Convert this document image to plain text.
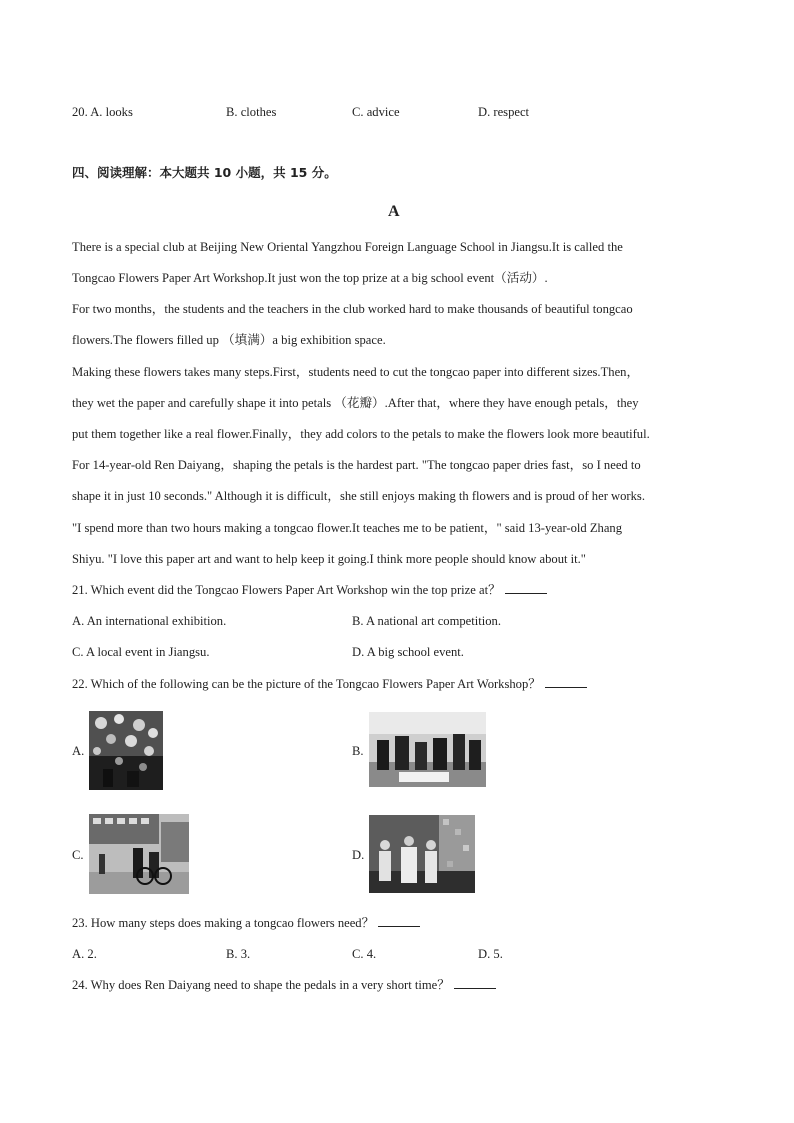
20. A. looks	B. clothes	C. advice	D. respect
四、阅读理解：本大题共 10 小题，共 15 分。
A
There is a special club at Beijing New Oriental Yangzhou Foreign Language School in Jiangsu.It is called the
Tongcao Flowers Paper Art Workshop.It just won the top prize at a big school event（活动）.
For two months，the students and the teachers in the club worked hard to make thousands of beautiful tongcao
flowers.The flowers filled up （填满）a big exhibition space.
Making these flowers takes many steps.First，students need to cut the tongcao paper into different sizes.Then，
they wet the paper and carefully shape it into petals （花瓣）.After that，where they have enough petals，they
put them together like a real flower.Finally，they add colors to the petals to make the flowers look more beautiful.
For 14-year-old Ren Daiyang，shaping the petals is the hardest part. "The tongcao paper dries fast，so I need to
shape it in just 10 seconds." Although it is difficult，she still enjoys making th flowers and is proud of her works.
"I spend more than two hours making a tongcao flower.It teaches me to be patient，" said 13-year-old Zhang
Shiyu. "I love this paper art and want to help keep it going.I think more people should know about it."
21. Which event did the Tongcao Flowers Paper Art Workshop win the top prize at？
A. An international exhibition.	B. A national art competition.
C. A local event in Jiangsu.	D. A big school event.
22. Which of the following can be the picture of the Tongcao Flowers Paper Art Workshop？
A.	B.
C.	D.
23. How many steps does making a tongcao flowers need？
A. 2.	B. 3.	C. 4.	D. 5.
24. Why does Ren Daiyang need to shape the pedals in a very short time？
